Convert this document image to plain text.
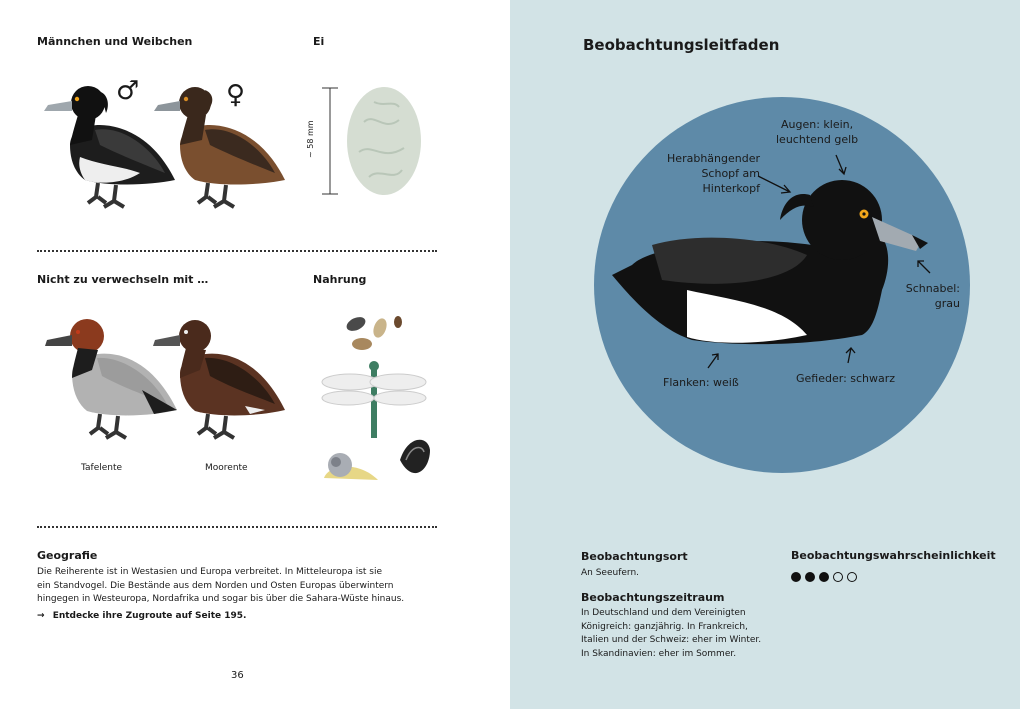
Männchen und Weibchen	Ei
♂	♀
~ 58 mm
Nicht zu verwechseln mit …	Nahrung
Tafelente	Moorente
Geografie
Die Reiherente ist in Westasien und Europa verbreitet. In Mitteleuropa ist sie
ein Standvogel. Die Bestände aus dem Norden und Osten Europas überwintern
hingegen in Westeuropa, Nordafrika und sogar bis über die Sahara-Wüste hinaus.
→ Entdecke ihre Zugroute auf Seite 195.
36
Beobachtungsleitfaden
Augen: klein,
leuchtend gelb
Herabhängender
Schopf am
Hinterkopf
Schnabel:
grau
Flanken: weiß	Gefieder: schwarz
Beobachtungsort
An Seeufern.
Beobachtungszeitraum
In Deutschland und dem Vereinigten
Königreich: ganzjährig. In Frankreich,
Italien und der Schweiz: eher im Winter.
In Skandinavien: eher im Sommer.
Beobachtungswahrscheinlichkeit
